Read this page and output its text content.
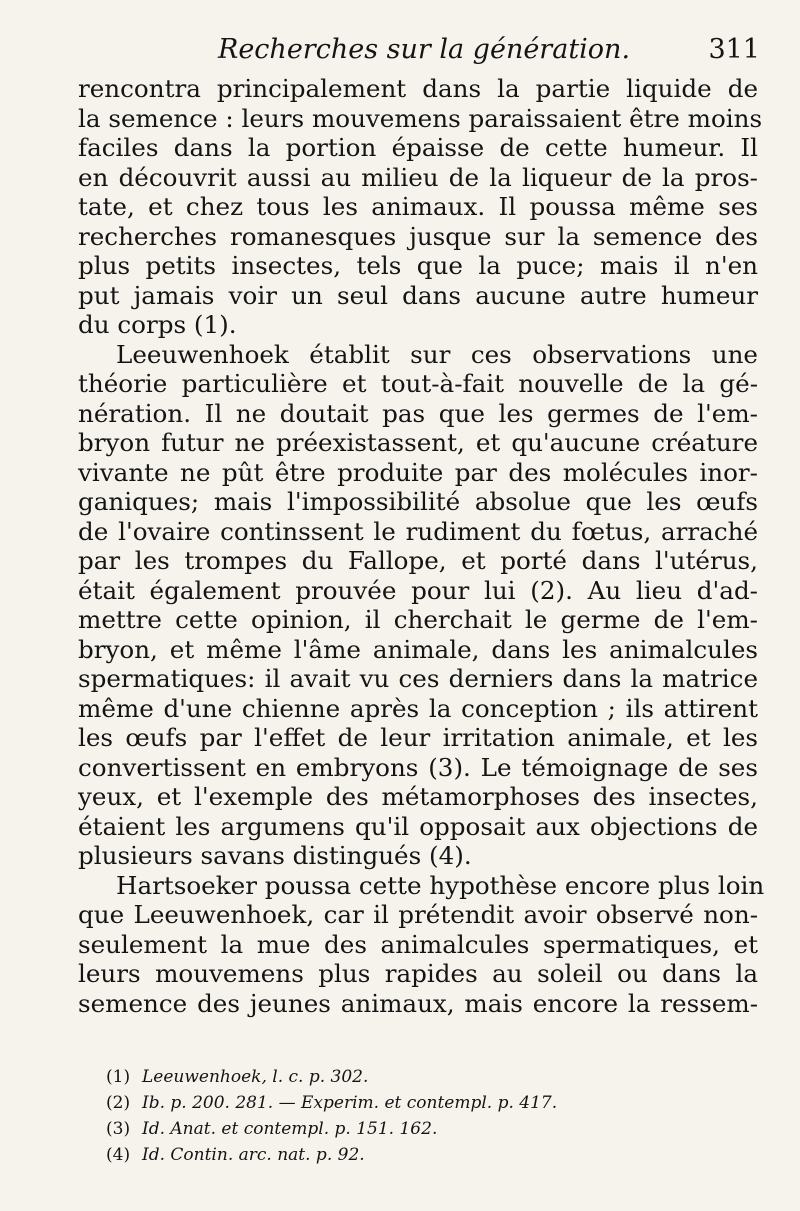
Recherches sur la génération.	311
rencontra principalement dans la partie liquide de
la semence : leurs mouvemens paraissaient être moins
faciles dans la portion épaisse de cette humeur. Il
en découvrit aussi au milieu de la liqueur de la pros-
tate, et chez tous les animaux. Il poussa même ses
recherches romanesques jusque sur la semence des
plus petits insectes, tels que la puce; mais il n'en
put jamais voir un seul dans aucune autre humeur
du corps (1).
Leeuwenhoek établit sur ces observations une
théorie particulière et tout-à-fait nouvelle de la gé-
nération. Il ne doutait pas que les germes de l'em-
bryon futur ne préexistassent, et qu'aucune créature
vivante ne pût être produite par des molécules inor-
ganiques; mais l'impossibilité absolue que les œufs
de l'ovaire continssent le rudiment du fœtus, arraché
par les trompes du Fallope, et porté dans l'utérus,
était également prouvée pour lui (2). Au lieu d'ad-
mettre cette opinion, il cherchait le germe de l'em-
bryon, et même l'âme animale, dans les animalcules
spermatiques: il avait vu ces derniers dans la matrice
même d'une chienne après la conception ; ils attirent
les œufs par l'effet de leur irritation animale, et les
convertissent en embryons (3). Le témoignage de ses
yeux, et l'exemple des métamorphoses des insectes,
étaient les argumens qu'il opposait aux objections de
plusieurs savans distingués (4).
Hartsoeker poussa cette hypothèse encore plus loin
que Leeuwenhoek, car il prétendit avoir observé non-
seulement la mue des animalcules spermatiques, et
leurs mouvemens plus rapides au soleil ou dans la
semence des jeunes animaux, mais encore la ressem-
(1) Leeuwenhoek, l. c. p. 302.
(2) Ib. p. 200. 281. — Experim. et contempl. p. 417.
(3) Id. Anat. et contempl. p. 151. 162.
(4) Id. Contin. arc. nat. p. 92.
